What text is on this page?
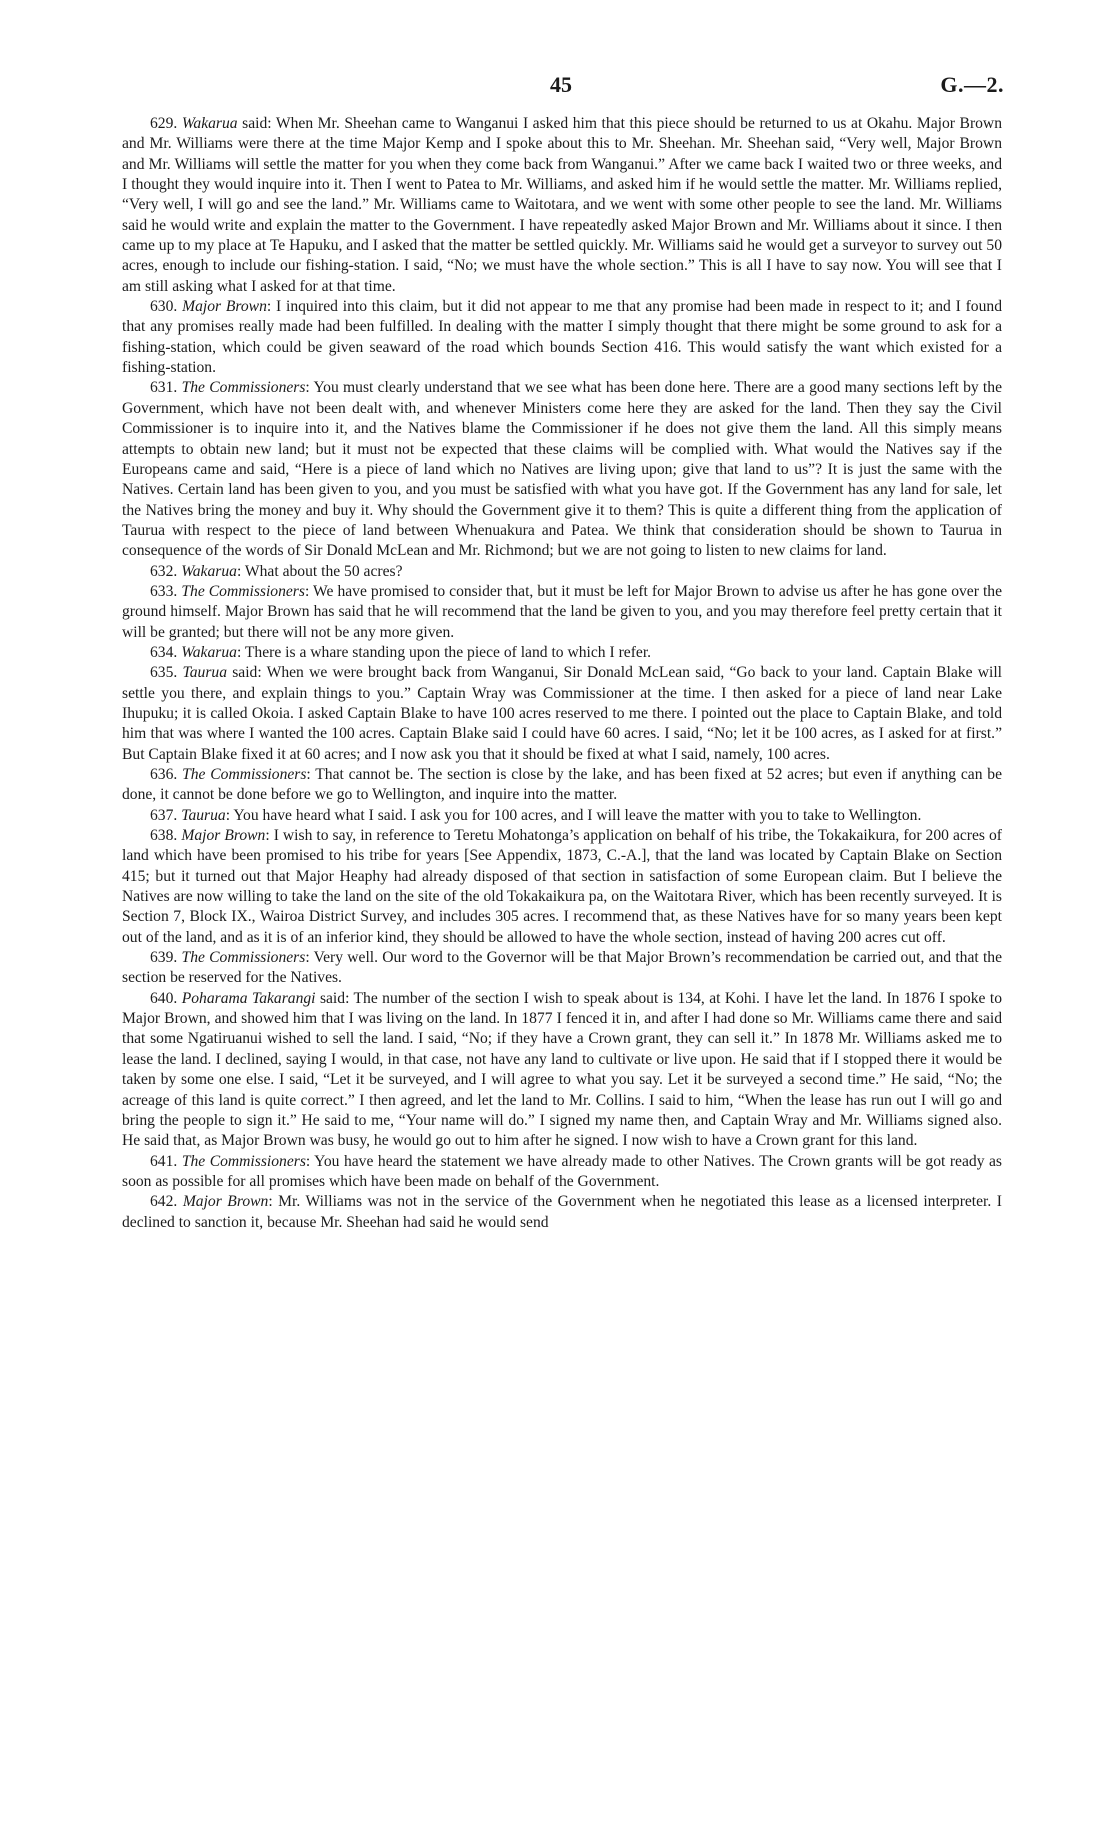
45	G.—2.

629. Wakarua said: When Mr. Sheehan came to Wanganui I asked him that this piece should be returned to us at Okahu. Major Brown and Mr. Williams were there at the time Major Kemp and I spoke about this to Mr. Sheehan. Mr. Sheehan said, “Very well, Major Brown and Mr. Williams will settle the matter for you when they come back from Wanganui.” After we came back I waited two or three weeks, and I thought they would inquire into it. Then I went to Patea to Mr. Williams, and asked him if he would settle the matter. Mr. Williams replied, “Very well, I will go and see the land.” Mr. Williams came to Waitotara, and we went with some other people to see the land. Mr. Williams said he would write and explain the matter to the Government. I have repeatedly asked Major Brown and Mr. Williams about it since. I then came up to my place at Te Hapuku, and I asked that the matter be settled quickly. Mr. Williams said he would get a surveyor to survey out 50 acres, enough to include our fishing-station. I said, “No; we must have the whole section.” This is all I have to say now. You will see that I am still asking what I asked for at that time.

630. Major Brown: I inquired into this claim, but it did not appear to me that any promise had been made in respect to it; and I found that any promises really made had been fulfilled. In dealing with the matter I simply thought that there might be some ground to ask for a fishing-station, which could be given seaward of the road which bounds Section 416. This would satisfy the want which existed for a fishing-station.

631. The Commissioners: You must clearly understand that we see what has been done here. There are a good many sections left by the Government, which have not been dealt with, and whenever Ministers come here they are asked for the land. Then they say the Civil Commissioner is to inquire into it, and the Natives blame the Commissioner if he does not give them the land. All this simply means attempts to obtain new land; but it must not be expected that these claims will be complied with. What would the Natives say if the Europeans came and said, “Here is a piece of land which no Natives are living upon; give that land to us”? It is just the same with the Natives. Certain land has been given to you, and you must be satisfied with what you have got. If the Government has any land for sale, let the Natives bring the money and buy it. Why should the Government give it to them? This is quite a different thing from the application of Taurua with respect to the piece of land between Whenuakura and Patea. We think that consideration should be shown to Taurua in consequence of the words of Sir Donald McLean and Mr. Richmond; but we are not going to listen to new claims for land.

632. Wakarua: What about the 50 acres?

633. The Commissioners: We have promised to consider that, but it must be left for Major Brown to advise us after he has gone over the ground himself. Major Brown has said that he will recommend that the land be given to you, and you may therefore feel pretty certain that it will be granted; but there will not be any more given.

634. Wakarua: There is a whare standing upon the piece of land to which I refer.

635. Taurua said: When we were brought back from Wanganui, Sir Donald McLean said, “Go back to your land. Captain Blake will settle you there, and explain things to you.” Captain Wray was Commissioner at the time. I then asked for a piece of land near Lake Ihupuku; it is called Okoia. I asked Captain Blake to have 100 acres reserved to me there. I pointed out the place to Captain Blake, and told him that was where I wanted the 100 acres. Captain Blake said I could have 60 acres. I said, “No; let it be 100 acres, as I asked for at first.” But Captain Blake fixed it at 60 acres; and I now ask you that it should be fixed at what I said, namely, 100 acres.

636. The Commissioners: That cannot be. The section is close by the lake, and has been fixed at 52 acres; but even if anything can be done, it cannot be done before we go to Wellington, and inquire into the matter.

637. Taurua: You have heard what I said. I ask you for 100 acres, and I will leave the matter with you to take to Wellington.

638. Major Brown: I wish to say, in reference to Teretu Mohatonga’s application on behalf of his tribe, the Tokakaikura, for 200 acres of land which have been promised to his tribe for years [See Appendix, 1873, C.-A.], that the land was located by Captain Blake on Section 415; but it turned out that Major Heaphy had already disposed of that section in satisfaction of some European claim. But I believe the Natives are now willing to take the land on the site of the old Tokakaikura pa, on the Waitotara River, which has been recently surveyed. It is Section 7, Block IX., Wairoa District Survey, and includes 305 acres. I recommend that, as these Natives have for so many years been kept out of the land, and as it is of an inferior kind, they should be allowed to have the whole section, instead of having 200 acres cut off.

639. The Commissioners: Very well. Our word to the Governor will be that Major Brown’s recommendation be carried out, and that the section be reserved for the Natives.

640. Poharama Takarangi said: The number of the section I wish to speak about is 134, at Kohi. I have let the land. In 1876 I spoke to Major Brown, and showed him that I was living on the land. In 1877 I fenced it in, and after I had done so Mr. Williams came there and said that some Ngatiruanui wished to sell the land. I said, “No; if they have a Crown grant, they can sell it.” In 1878 Mr. Williams asked me to lease the land. I declined, saying I would, in that case, not have any land to cultivate or live upon. He said that if I stopped there it would be taken by some one else. I said, “Let it be surveyed, and I will agree to what you say. Let it be surveyed a second time.” He said, “No; the acreage of this land is quite correct.” I then agreed, and let the land to Mr. Collins. I said to him, “When the lease has run out I will go and bring the people to sign it.” He said to me, “Your name will do.” I signed my name then, and Captain Wray and Mr. Williams signed also. He said that, as Major Brown was busy, he would go out to him after he signed. I now wish to have a Crown grant for this land.

641. The Commissioners: You have heard the statement we have already made to other Natives. The Crown grants will be got ready as soon as possible for all promises which have been made on behalf of the Government.

642. Major Brown: Mr. Williams was not in the service of the Government when he negotiated this lease as a licensed interpreter. I declined to sanction it, because Mr. Sheehan had said he would send
